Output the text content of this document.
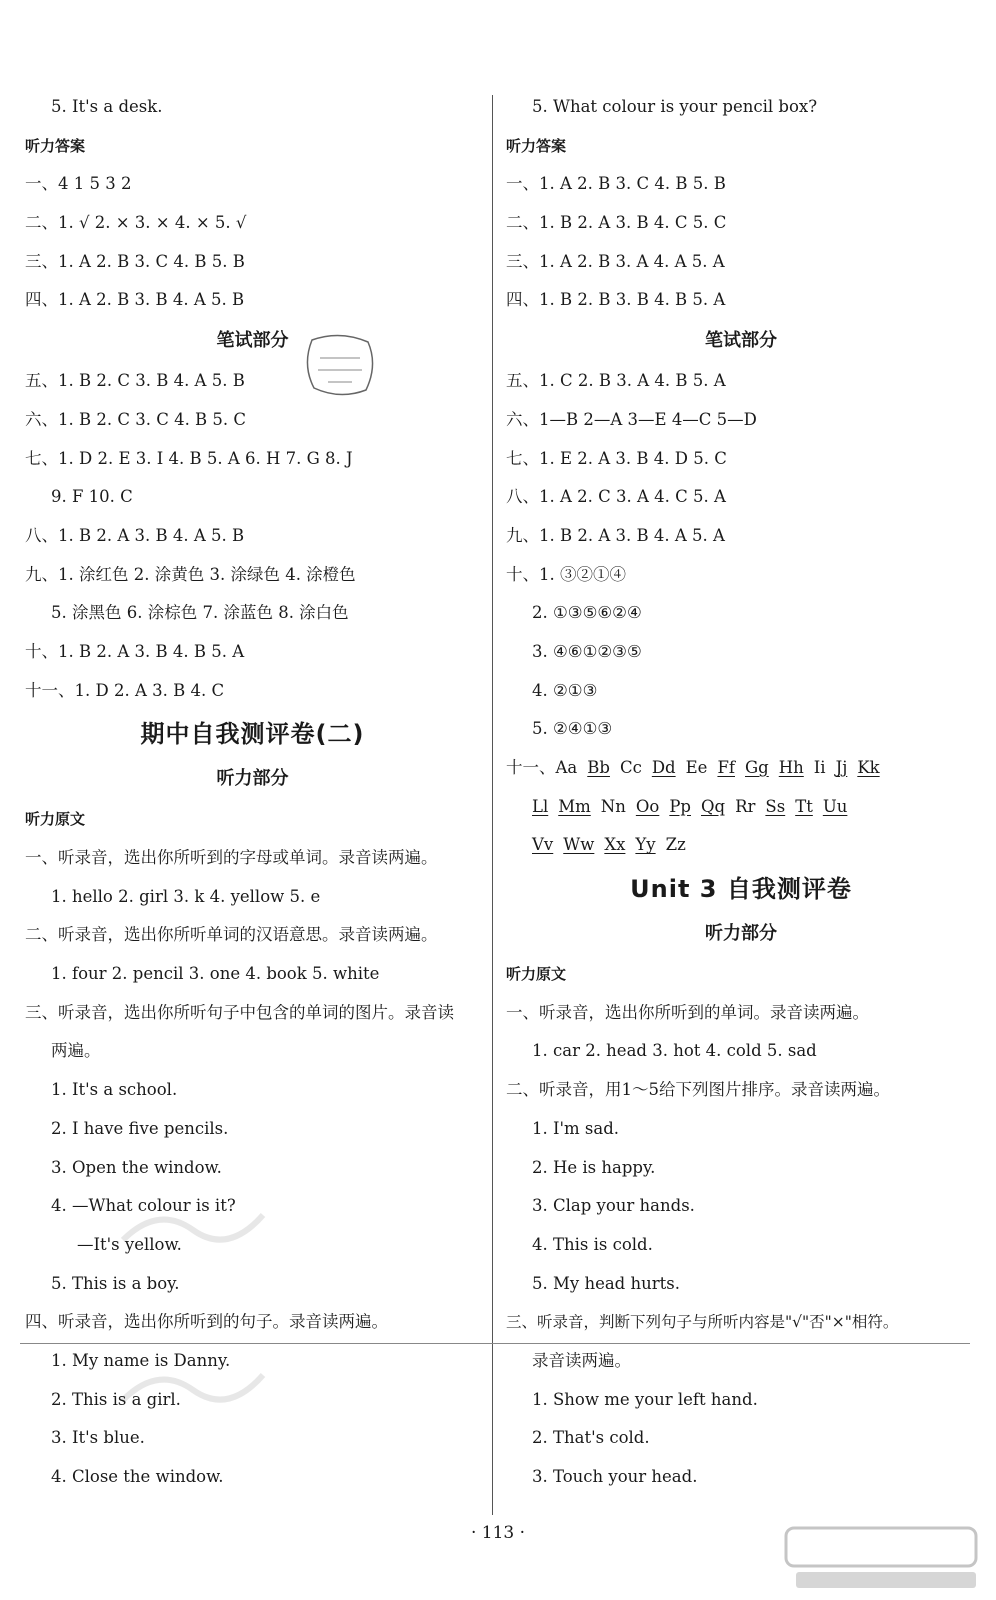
5. It's a desk.
听力答案
一、4 1 5 3 2
二、1. √ 2. × 3. × 4. × 5. √
三、1. A 2. B 3. C 4. B 5. B
四、1. A 2. B 3. B 4. A 5. B
笔试部分
五、1. B 2. C 3. B 4. A 5. B
六、1. B 2. C 3. C 4. B 5. C
七、1. D 2. E 3. I 4. B 5. A 6. H 7. G 8. J
9. F 10. C
八、1. B 2. A 3. B 4. A 5. B
九、1. 涂红色 2. 涂黄色 3. 涂绿色 4. 涂橙色
5. 涂黑色 6. 涂棕色 7. 涂蓝色 8. 涂白色
十、1. B 2. A 3. B 4. B 5. A
十一、1. D 2. A 3. B 4. C
期中自我测评卷(二)
听力部分
听力原文
一、听录音，选出你所听到的字母或单词。录音读两遍。
1. hello 2. girl 3. k 4. yellow 5. e
二、听录音，选出你所听单词的汉语意思。录音读两遍。
1. four 2. pencil 3. one 4. book 5. white
三、听录音，选出你所听句子中包含的单词的图片。录音读
两遍。
1. It's a school.
2. I have five pencils.
3. Open the window.
4. —What colour is it?
—It's yellow.
5. This is a boy.
四、听录音，选出你所听到的句子。录音读两遍。
1. My name is Danny.
2. This is a girl.
3. It's blue.
4. Close the window.
5. What colour is your pencil box?
听力答案
一、1. A 2. B 3. C 4. B 5. B
二、1. B 2. A 3. B 4. C 5. C
三、1. A 2. B 3. A 4. A 5. A
四、1. B 2. B 3. B 4. B 5. A
笔试部分
五、1. C 2. B 3. A 4. B 5. A
六、1—B 2—A 3—E 4—C 5—D
七、1. E 2. A 3. B 4. D 5. C
八、1. A 2. C 3. A 4. C 5. A
九、1. B 2. A 3. B 4. A 5. A
十、1. ③②①④
2. ①③⑤⑥②④
3. ④⑥①②③⑤
4. ②①③
5. ②④①③
十一、Aa Bb Cc Dd Ee Ff Gg Hh Ii Jj Kk
Ll Mm Nn Oo Pp Qq Rr Ss Tt Uu
Vv Ww Xx Yy Zz
Unit 3 自我测评卷
听力部分
听力原文
一、听录音，选出你所听到的单词。录音读两遍。
1. car 2. head 3. hot 4. cold 5. sad
二、听录音，用1～5给下列图片排序。录音读两遍。
1. I'm sad.
2. He is happy.
3. Clap your hands.
4. This is cold.
5. My head hurts.
三、听录音，判断下列句子与所听内容是"√"否"×"相符。
录音读两遍。
1. Show me your left hand.
2. That's cold.
3. Touch your head.
· 113 ·
